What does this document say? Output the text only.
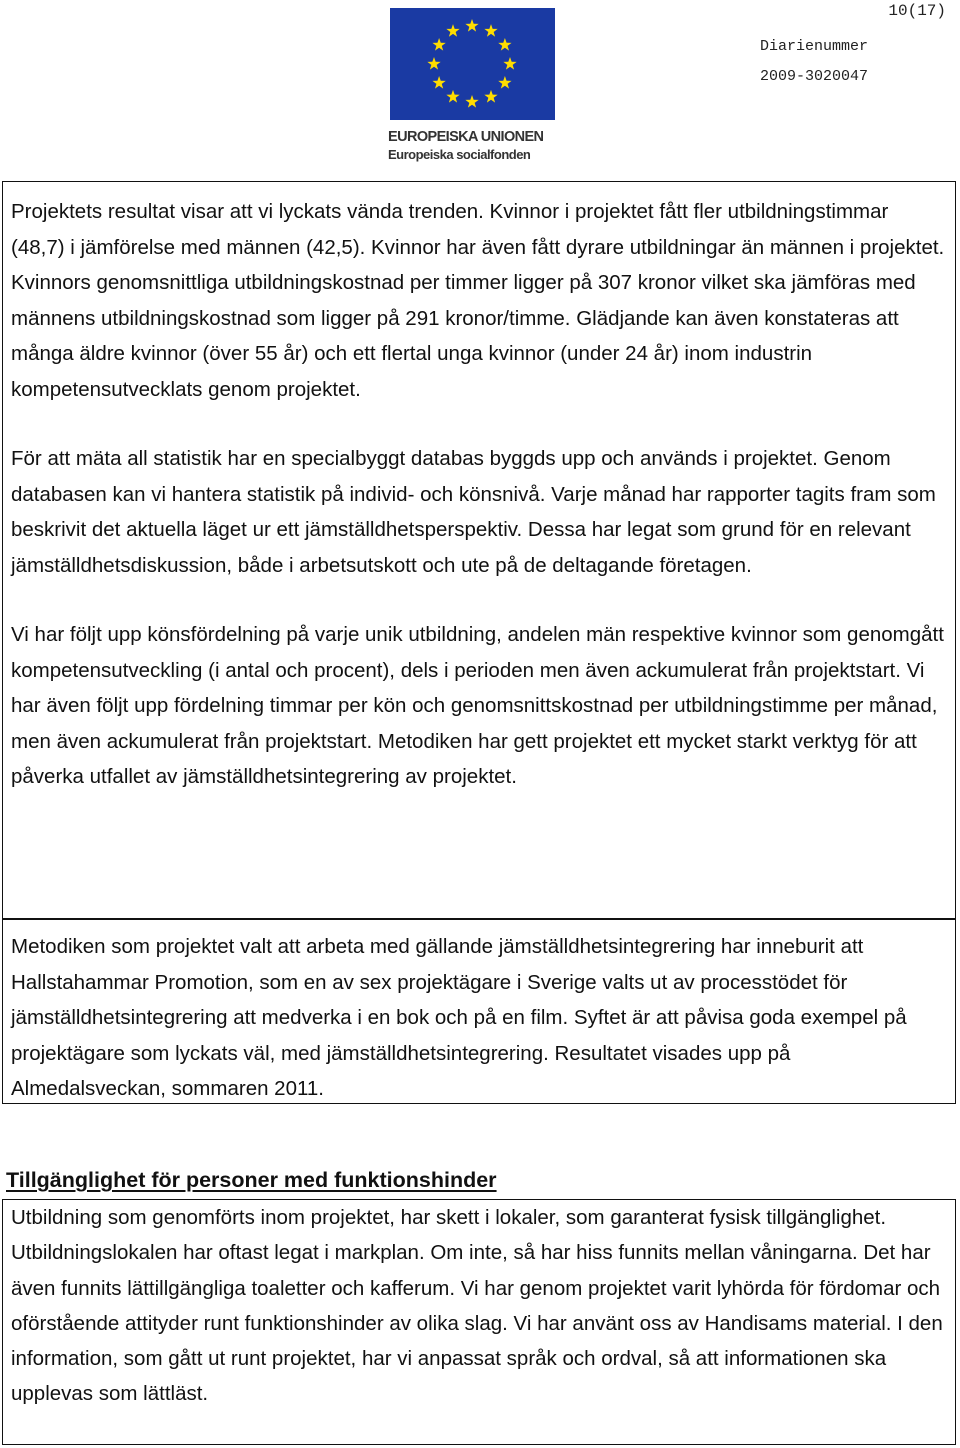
10(17)
EUROPEISKA UNIONEN
Europeiska socialfonden
Diarienummer
2009-3020047

Projektets resultat visar att vi lyckats vända trenden. Kvinnor i projektet fått fler utbildningstimmar (48,7) i jämförelse med männen (42,5). Kvinnor har även fått dyrare utbildningar än männen i projektet. Kvinnors genomsnittliga utbildningskostnad per timmer ligger på 307 kronor vilket ska jämföras med männens utbildningskostnad som ligger på 291 kronor/timme. Glädjande kan även konstateras att många äldre kvinnor (över 55 år) och ett flertal unga kvinnor (under 24 år) inom industrin kompetensutvecklats genom projektet.

För att mäta all statistik har en specialbyggt databas byggds upp och används i projektet. Genom databasen kan vi hantera statistik på individ- och könsnivå. Varje månad har rapporter tagits fram som beskrivit det aktuella läget ur ett jämställdhetsperspektiv. Dessa har legat som grund för en relevant jämställdhetsdiskussion, både i arbetsutskott och ute på de deltagande företagen.

Vi har följt upp könsfördelning på varje unik utbildning, andelen män respektive kvinnor som genomgått kompetensutveckling (i antal och procent), dels i perioden men även ackumulerat från projektstart. Vi har även följt upp fördelning timmar per kön och genomsnittskostnad per utbildningstimme per månad, men även ackumulerat från projektstart. Metodiken har gett projektet ett mycket starkt verktyg för att påverka utfallet av jämställdhetsintegrering av projektet.

Metodiken som projektet valt att arbeta med gällande jämställdhetsintegrering har inneburit att Hallstahammar Promotion, som en av sex projektägare i Sverige valts ut av processtödet för jämställdhetsintegrering att medverka i en bok och på en film. Syftet är att påvisa goda exempel på projektägare som lyckats väl, med jämställdhetsintegrering. Resultatet visades upp på Almedalsveckan, sommaren 2011.

Tillgänglighet för personer med funktionshinder

Utbildning som genomförts inom projektet, har skett i lokaler, som garanterat fysisk tillgänglighet. Utbildningslokalen har oftast legat i markplan. Om inte, så har hiss funnits mellan våningarna. Det har även funnits lättillgängliga toaletter och kafferum. Vi har genom projektet varit lyhörda för fördomar och oförstående attityder runt funktionshinder av olika slag. Vi har använt oss av Handisams material. I den information, som gått ut runt projektet, har vi anpassat språk och ordval, så att informationen ska upplevas som lättläst.
